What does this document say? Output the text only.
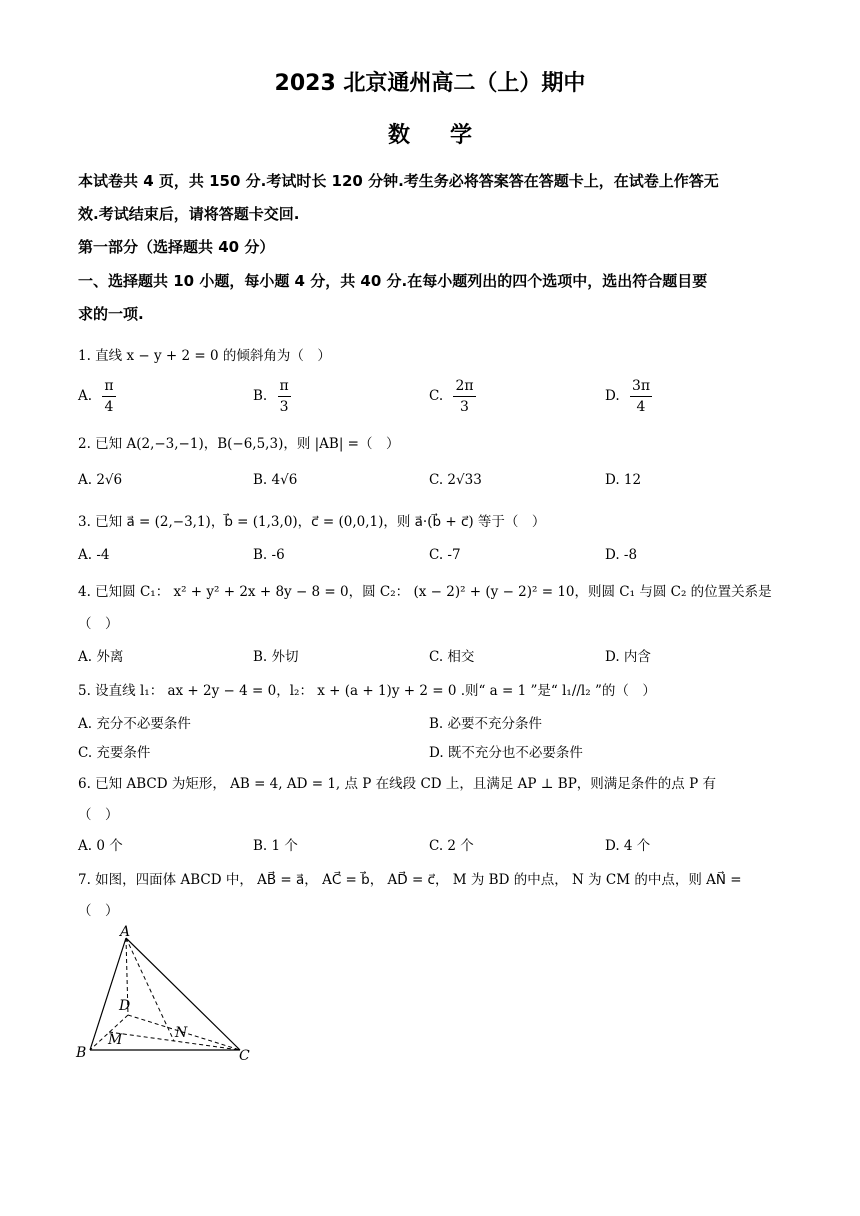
2023 北京通州高二（上）期中
数学
本试卷共 4 页，共 150 分.考试时长 120 分钟.考生务必将答案答在答题卡上，在试卷上作答无
效.考试结束后，请将答题卡交回.
第一部分（选择题共 40 分）
一、选择题共 10 小题，每小题 4 分，共 40 分.在每小题列出的四个选项中，选出符合题目要
求的一项.
1. 直线 x − y + 2 = 0 的倾斜角为（　）
A. $\frac{\pi}{4}$	B. $\frac{\pi}{3}$	C. $\frac{2\pi}{3}$	D. $\frac{3\pi}{4}$
2. 已知 A(2,−3,−1)，B(−6,5,3)，则 |AB| =（　）
A. 2√6	B. 4√6	C. 2√33	D. 12
3. 已知 a⃗ = (2,−3,1)，b⃗ = (1,3,0)，c⃗ = (0,0,1)，则 a⃗·(b⃗ + c⃗) 等于（　）
A. -4	B. -6	C. -7	D. -8
4. 已知圆 C₁： x² + y² + 2x + 8y − 8 = 0，圆 C₂： (x − 2)² + (y − 2)² = 10，则圆 C₁ 与圆 C₂ 的位置关系是
（　）
A. 外离	B. 外切	C. 相交	D. 内含
5. 设直线 l₁： ax + 2y − 4 = 0，l₂： x + (a + 1)y + 2 = 0 .则“ a = 1 ”是“ l₁//l₂ ”的（　）
A. 充分不必要条件	B. 必要不充分条件
C. 充要条件	D. 既不充分也不必要条件
6. 已知 ABCD 为矩形， AB = 4, AD = 1, 点 P 在线段 CD 上，且满足 AP ⊥ BP，则满足条件的点 P 有
（　）
A. 0 个	B. 1 个	C. 2 个	D. 4 个
7. 如图，四面体 ABCD 中， AB⃗ = a⃗， AC⃗ = b⃗， AD⃗ = c⃗， M 为 BD 的中点， N 为 CM 的中点，则 AN⃗ =
（　）
A
B	C
D
M	N
